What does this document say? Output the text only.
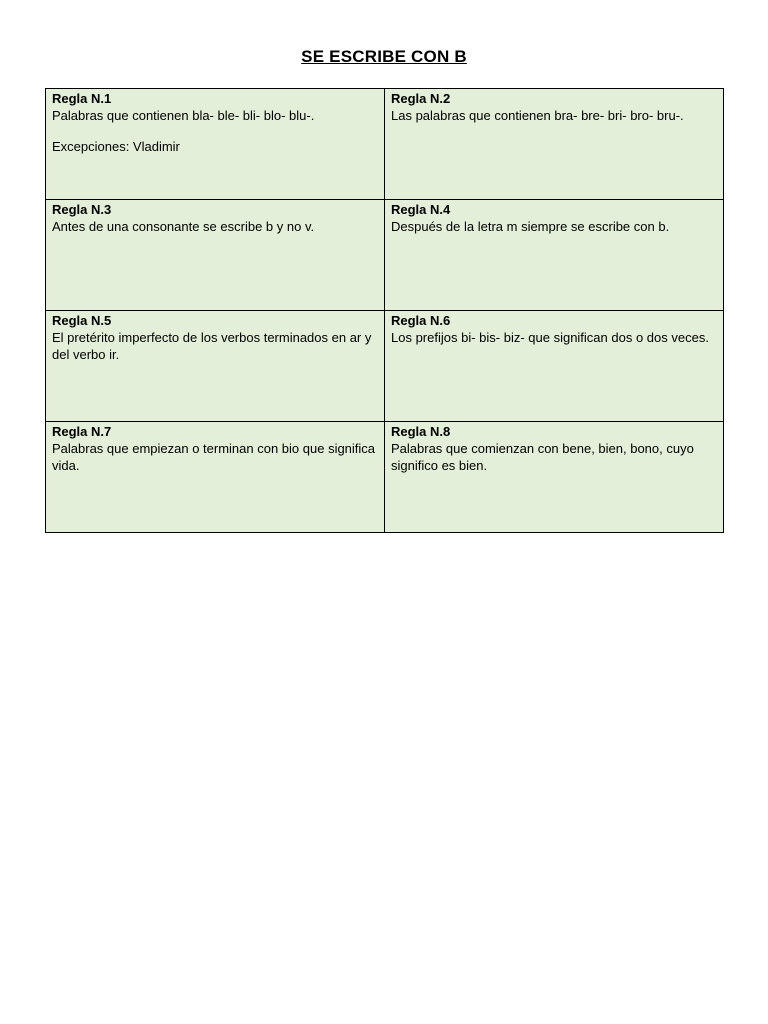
SE ESCRIBE CON B
Regla N.1
Palabras que contienen bla- ble- bli- blo- blu-.
Excepciones: Vladimir	Regla N.2
Las palabras que contienen bra- bre- bri- bro- bru-.

Regla N.3
Antes de una consonante se escribe b y no v.	Regla N.4
Después de la letra m siempre se escribe con b.

Regla N.5
El pretérito imperfecto de los verbos terminados en ar y del verbo ir.	Regla N.6
Los prefijos bi- bis- biz- que significan dos o dos veces.

Regla N.7
Palabras que empiezan o terminan con bio que significa vida.	Regla N.8
Palabras que comienzan con bene, bien, bono, cuyo significo es bien.
